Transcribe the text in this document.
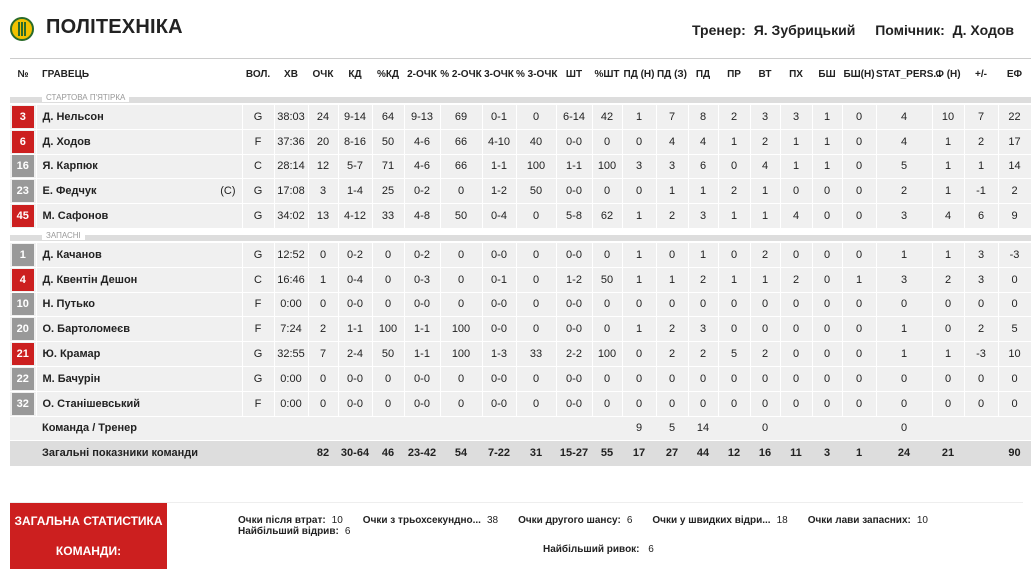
ПОЛІТЕХНІКА	Тренер: Я. Зубрицький Помічник: Д. Ходов
№	ГРАВЕЦЬ	ВОЛ.	ХВ	ОЧК	КД	%КД	2-ОЧК	% 2-ОЧК	3-ОЧК	% 3-ОЧК	ШТ	%ШТ	ПД (Н)	ПД (З)	ПД	ПР	ВТ	ПХ	БШ	БШ(Н)	STAT_PERS...	Ф (Н)	+/-	ЕФ

СТАРТОВА П'ЯТІРКА																								
3	Д. Нельсон	G	38:03	24	9-14	64	9-13	69	0-1	0	6-14	42	1	7	8	2	3	3	1	0	4	10	7	22
6	Д. Ходов	F	37:36	20	8-16	50	4-6	66	4-10	40	0-0	0	0	4	4	1	2	1	1	0	4	1	2	17
16	Я. Карпюк	C	28:14	12	5-7	71	4-6	66	1-1	100	1-1	100	3	3	6	0	4	1	1	0	5	1	1	14
23	Е. Федчук (C)	G	17:08	3	1-4	25	0-2	0	1-2	50	0-0	0	0	1	1	2	1	0	0	0	2	1	-1	2
45	М. Сафонов	G	34:02	13	4-12	33	4-8	50	0-4	0	5-8	62	1	2	3	1	1	4	0	0	3	4	6	9

ЗАПАСНІ																								
1	Д. Качанов	G	12:52	0	0-2	0	0-2	0	0-0	0	0-0	0	1	0	1	0	2	0	0	0	1	1	3	-3
4	Д. Квентін Дешон	C	16:46	1	0-4	0	0-3	0	0-1	0	1-2	50	1	1	2	1	1	2	0	1	3	2	3	0
10	Н. Путько	F	0:00	0	0-0	0	0-0	0	0-0	0	0-0	0	0	0	0	0	0	0	0	0	0	0	0	0
20	О. Бартоломеєв	F	7:24	2	1-1	100	1-1	100	0-0	0	0-0	0	1	2	3	0	0	0	0	0	1	0	2	5
21	Ю. Крамар	G	32:55	7	2-4	50	1-1	100	1-3	33	2-2	100	0	2	2	5	2	0	0	0	1	1	-3	10
22	М. Бачурін	G	0:00	0	0-0	0	0-0	0	0-0	0	0-0	0	0	0	0	0	0	0	0	0	0	0	0	0
32	О. Станішевський	F	0:00	0	0-0	0	0-0	0	0-0	0	0-0	0	0	0	0	0	0	0	0	0	0	0	0	0
	Команда / Тренер												9	5	14		0				0			
	Загальні показники команди			82	30-64	46	23-42	54	7-22	31	15-27	55	17	27	44	12	16	11	3	1	24	21		90
ЗАГАЛЬНА СТАТИСТИКА КОМАНДИ:
Очки після втрат: 10 Очки з трьохсекундно... 38 Очки другого шансу: 6 Очки у швидких відри... 18 Очки лави запасних: 10Найбільший відрив: 6
Найбільший ривок: 6
